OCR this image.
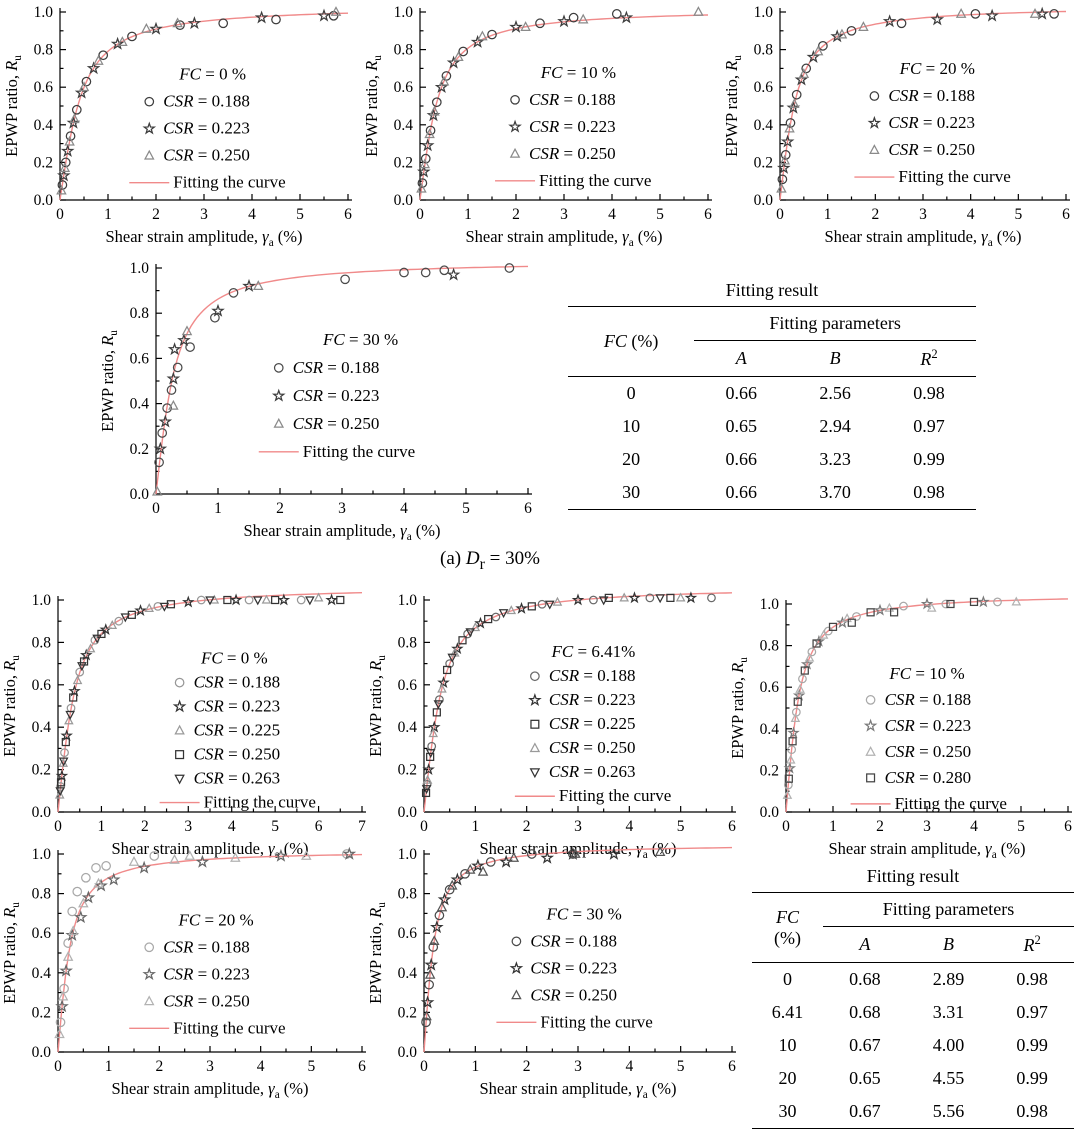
0	1	2	3	4	5	6
0.0
0.2
0.4
0.6
0.8
1.0
EPWP ratio, $R_u$
Shear strain amplitude, $\gamma_a$ (%)
FC = 0 %
CSR = 0.188
CSR = 0.223
CSR = 0.250
Fitting the curve
0	1	2	3	4	5	6
0.0
0.2
0.4
0.6
0.8
1.0
EPWP ratio, $R_u$
Shear strain amplitude, $\gamma_a$ (%)
FC = 10 %
CSR = 0.188
CSR = 0.223
CSR = 0.250
Fitting the curve
0	1	2	3	4	5	6
0.0
0.2
0.4
0.6
0.8
1.0
EPWP ratio, $R_u$
Shear strain amplitude, $\gamma_a$ (%)
FC = 20 %
CSR = 0.188
CSR = 0.223
CSR = 0.250
Fitting the curve
0	1	2	3	4	5	6
0.0
0.2
0.4
0.6
0.8
1.0
EPWP ratio, $R_u$
Shear strain amplitude, $\gamma_a$ (%)
FC = 30 %
CSR = 0.188
CSR = 0.223
CSR = 0.250
Fitting the curve
Fitting result
FC (%)	Fitting parameters		
	A	B	$R^2$
0	0.66	2.56	0.98
10	0.65	2.94	0.97
20	0.66	3.23	0.99
30	0.66	3.70	0.98
(a) $D_r = 30\%$
0 1 2 3 4 5 6 7
0.0
0.2
0.4
0.6
0.8
1.0
EPWP ratio, $R_u$
Shear strain amplitude, $\gamma_a$ (%)
FC = 0 %
CSR = 0.188
CSR = 0.223
CSR = 0.225
CSR = 0.250
CSR = 0.263
Fitting the curve
0	1	2	3	4	5	6
0.0
0.2
0.4
0.6
0.8
1.0
EPWP ratio, $R_u$
Shear strain amplitude, $\gamma_a$ (%)
FC = 6.41%
CSR = 0.188
CSR = 0.223
CSR = 0.225
CSR = 0.250
CSR = 0.263
Fitting the curve
0	1	2	3	4	5	6
0.0
0.2
0.4
0.6
0.8
1.0
EPWP ratio, $R_u$
Shear strain amplitude, $\gamma_a$ (%)
FC = 10 %
CSR = 0.188
CSR = 0.223
CSR = 0.250
CSR = 0.280
Fitting the curve
0	1	2	3	4	5	6
0.0
0.2
0.4
0.6
0.8
1.0
EPWP ratio, $R_u$
Shear strain amplitude, $\gamma_a$ (%)
FC = 20 %
CSR = 0.188
CSR = 0.223
CSR = 0.250
Fitting the curve
0	1	2	3	4	5	6
0.0
0.2
0.4
0.6
0.8
1.0
EPWP ratio, $R_u$
Shear strain amplitude, $\gamma_a$ (%)
FC = 30 %
CSR = 0.188
CSR = 0.223
CSR = 0.250
Fitting the curve
Fitting result
FC
(%)	Fitting parameters		
	A	B	$R^2$
0	0.68	2.89	0.98
6.41	0.68	3.31	0.97
10	0.67	4.00	0.99
20	0.65	4.55	0.99
30	0.67	5.56	0.98
